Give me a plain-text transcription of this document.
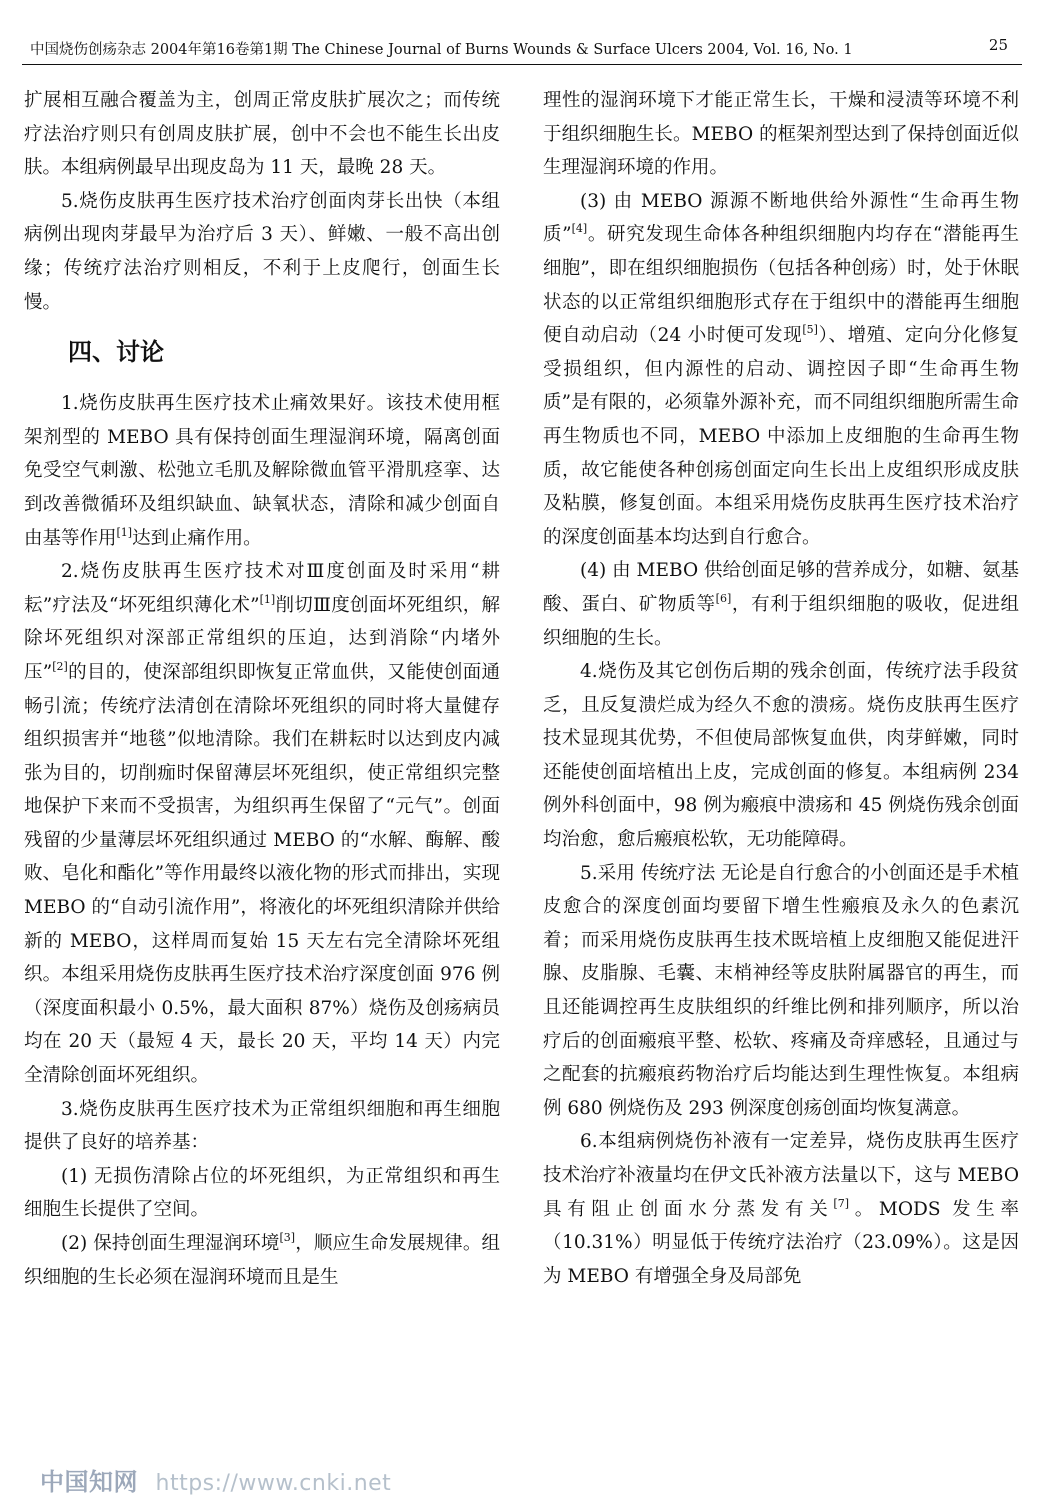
中国烧伤创疡杂志 2004年第16卷第1期 The Chinese Journal of Burns Wounds & Surface Ulcers 2004, Vol. 16, No. 1	25

扩展相互融合覆盖为主，创周正常皮肤扩展次之；而传统疗法治疗则只有创周皮肤扩展，创中不会也不能生长出皮肤。本组病例最早出现皮岛为 11 天，最晚 28 天。

5.烧伤皮肤再生医疗技术治疗创面肉芽长出快（本组病例出现肉芽最早为治疗后 3 天）、鲜嫩、一般不高出创缘；传统疗法治疗则相反，不利于上皮爬行，创面生长慢。

四、讨论

1.烧伤皮肤再生医疗技术止痛效果好。该技术使用框架剂型的 MEBO 具有保持创面生理湿润环境，隔离创面免受空气刺激、松弛立毛肌及解除微血管平滑肌痉挛、达到改善微循环及组织缺血、缺氧状态，清除和减少创面自由基等作用[1]达到止痛作用。

2.烧伤皮肤再生医疗技术对Ⅲ度创面及时采用“耕耘”疗法及“坏死组织薄化术”[1]削切Ⅲ度创面坏死组织，解除坏死组织对深部正常组织的压迫，达到消除“内堵外压”[2]的目的，使深部组织即恢复正常血供，又能使创面通畅引流；传统疗法清创在清除坏死组织的同时将大量健存组织损害并“地毯”似地清除。我们在耕耘时以达到皮内减张为目的，切削痂时保留薄层坏死组织，使正常组织完整地保护下来而不受损害，为组织再生保留了“元气”。创面残留的少量薄层坏死组织通过 MEBO 的“水解、酶解、酸败、皂化和酯化”等作用最终以液化物的形式而排出，实现 MEBO 的“自动引流作用”，将液化的坏死组织清除并供给新的 MEBO，这样周而复始 15 天左右完全清除坏死组织。本组采用烧伤皮肤再生医疗技术治疗深度创面 976 例（深度面积最小 0.5%，最大面积 87%）烧伤及创疡病员均在 20 天（最短 4 天，最长 20 天，平均 14 天）内完全清除创面坏死组织。

3.烧伤皮肤再生医疗技术为正常组织细胞和再生细胞提供了良好的培养基：

(1) 无损伤清除占位的坏死组织，为正常组织和再生细胞生长提供了空间。

(2) 保持创面生理湿润环境[3]，顺应生命发展规律。组织细胞的生长必须在湿润环境而且是生

理性的湿润环境下才能正常生长，干燥和浸渍等环境不利于组织细胞生长。MEBO 的框架剂型达到了保持创面近似生理湿润环境的作用。

(3) 由 MEBO 源源不断地供给外源性“生命再生物质”[4]。研究发现生命体各种组织细胞内均存在“潜能再生细胞”，即在组织细胞损伤（包括各种创疡）时，处于休眠状态的以正常组织细胞形式存在于组织中的潜能再生细胞便自动启动（24 小时便可发现[5]）、增殖、定向分化修复受损组织，但内源性的启动、调控因子即“生命再生物质”是有限的，必须靠外源补充，而不同组织细胞所需生命再生物质也不同，MEBO 中添加上皮细胞的生命再生物质，故它能使各种创疡创面定向生长出上皮组织形成皮肤及粘膜，修复创面。本组采用烧伤皮肤再生医疗技术治疗的深度创面基本均达到自行愈合。

(4) 由 MEBO 供给创面足够的营养成分，如糖、氨基酸、蛋白、矿物质等[6]，有利于组织细胞的吸收，促进组织细胞的生长。

4.烧伤及其它创伤后期的残余创面，传统疗法手段贫乏，且反复溃烂成为经久不愈的溃疡。烧伤皮肤再生医疗技术显现其优势，不但使局部恢复血供，肉芽鲜嫩，同时还能使创面培植出上皮，完成创面的修复。本组病例 234 例外科创面中，98 例为瘢痕中溃疡和 45 例烧伤残余创面均治愈，愈后瘢痕松软，无功能障碍。

5.采用 传统疗法 无论是自行愈合的小创面还是手术植皮愈合的深度创面均要留下增生性瘢痕及永久的色素沉着；而采用烧伤皮肤再生技术既培植上皮细胞又能促进汗腺、皮脂腺、毛囊、末梢神经等皮肤附属器官的再生，而且还能调控再生皮肤组织的纤维比例和排列顺序，所以治疗后的创面瘢痕平整、松软、疼痛及奇痒感轻，且通过与之配套的抗瘢痕药物治疗后均能达到生理性恢复。本组病例 680 例烧伤及 293 例深度创疡创面均恢复满意。

6.本组病例烧伤补液有一定差异，烧伤皮肤再生医疗技术治疗补液量均在伊文氏补液方法量以下，这与 MEBO 具有阻止创面水分蒸发有关[7]。MODS 发生率（10.31%）明显低于传统疗法治疗（23.09%）。这是因为 MEBO 有增强全身及局部免

中国知网 https://www.cnki.net
